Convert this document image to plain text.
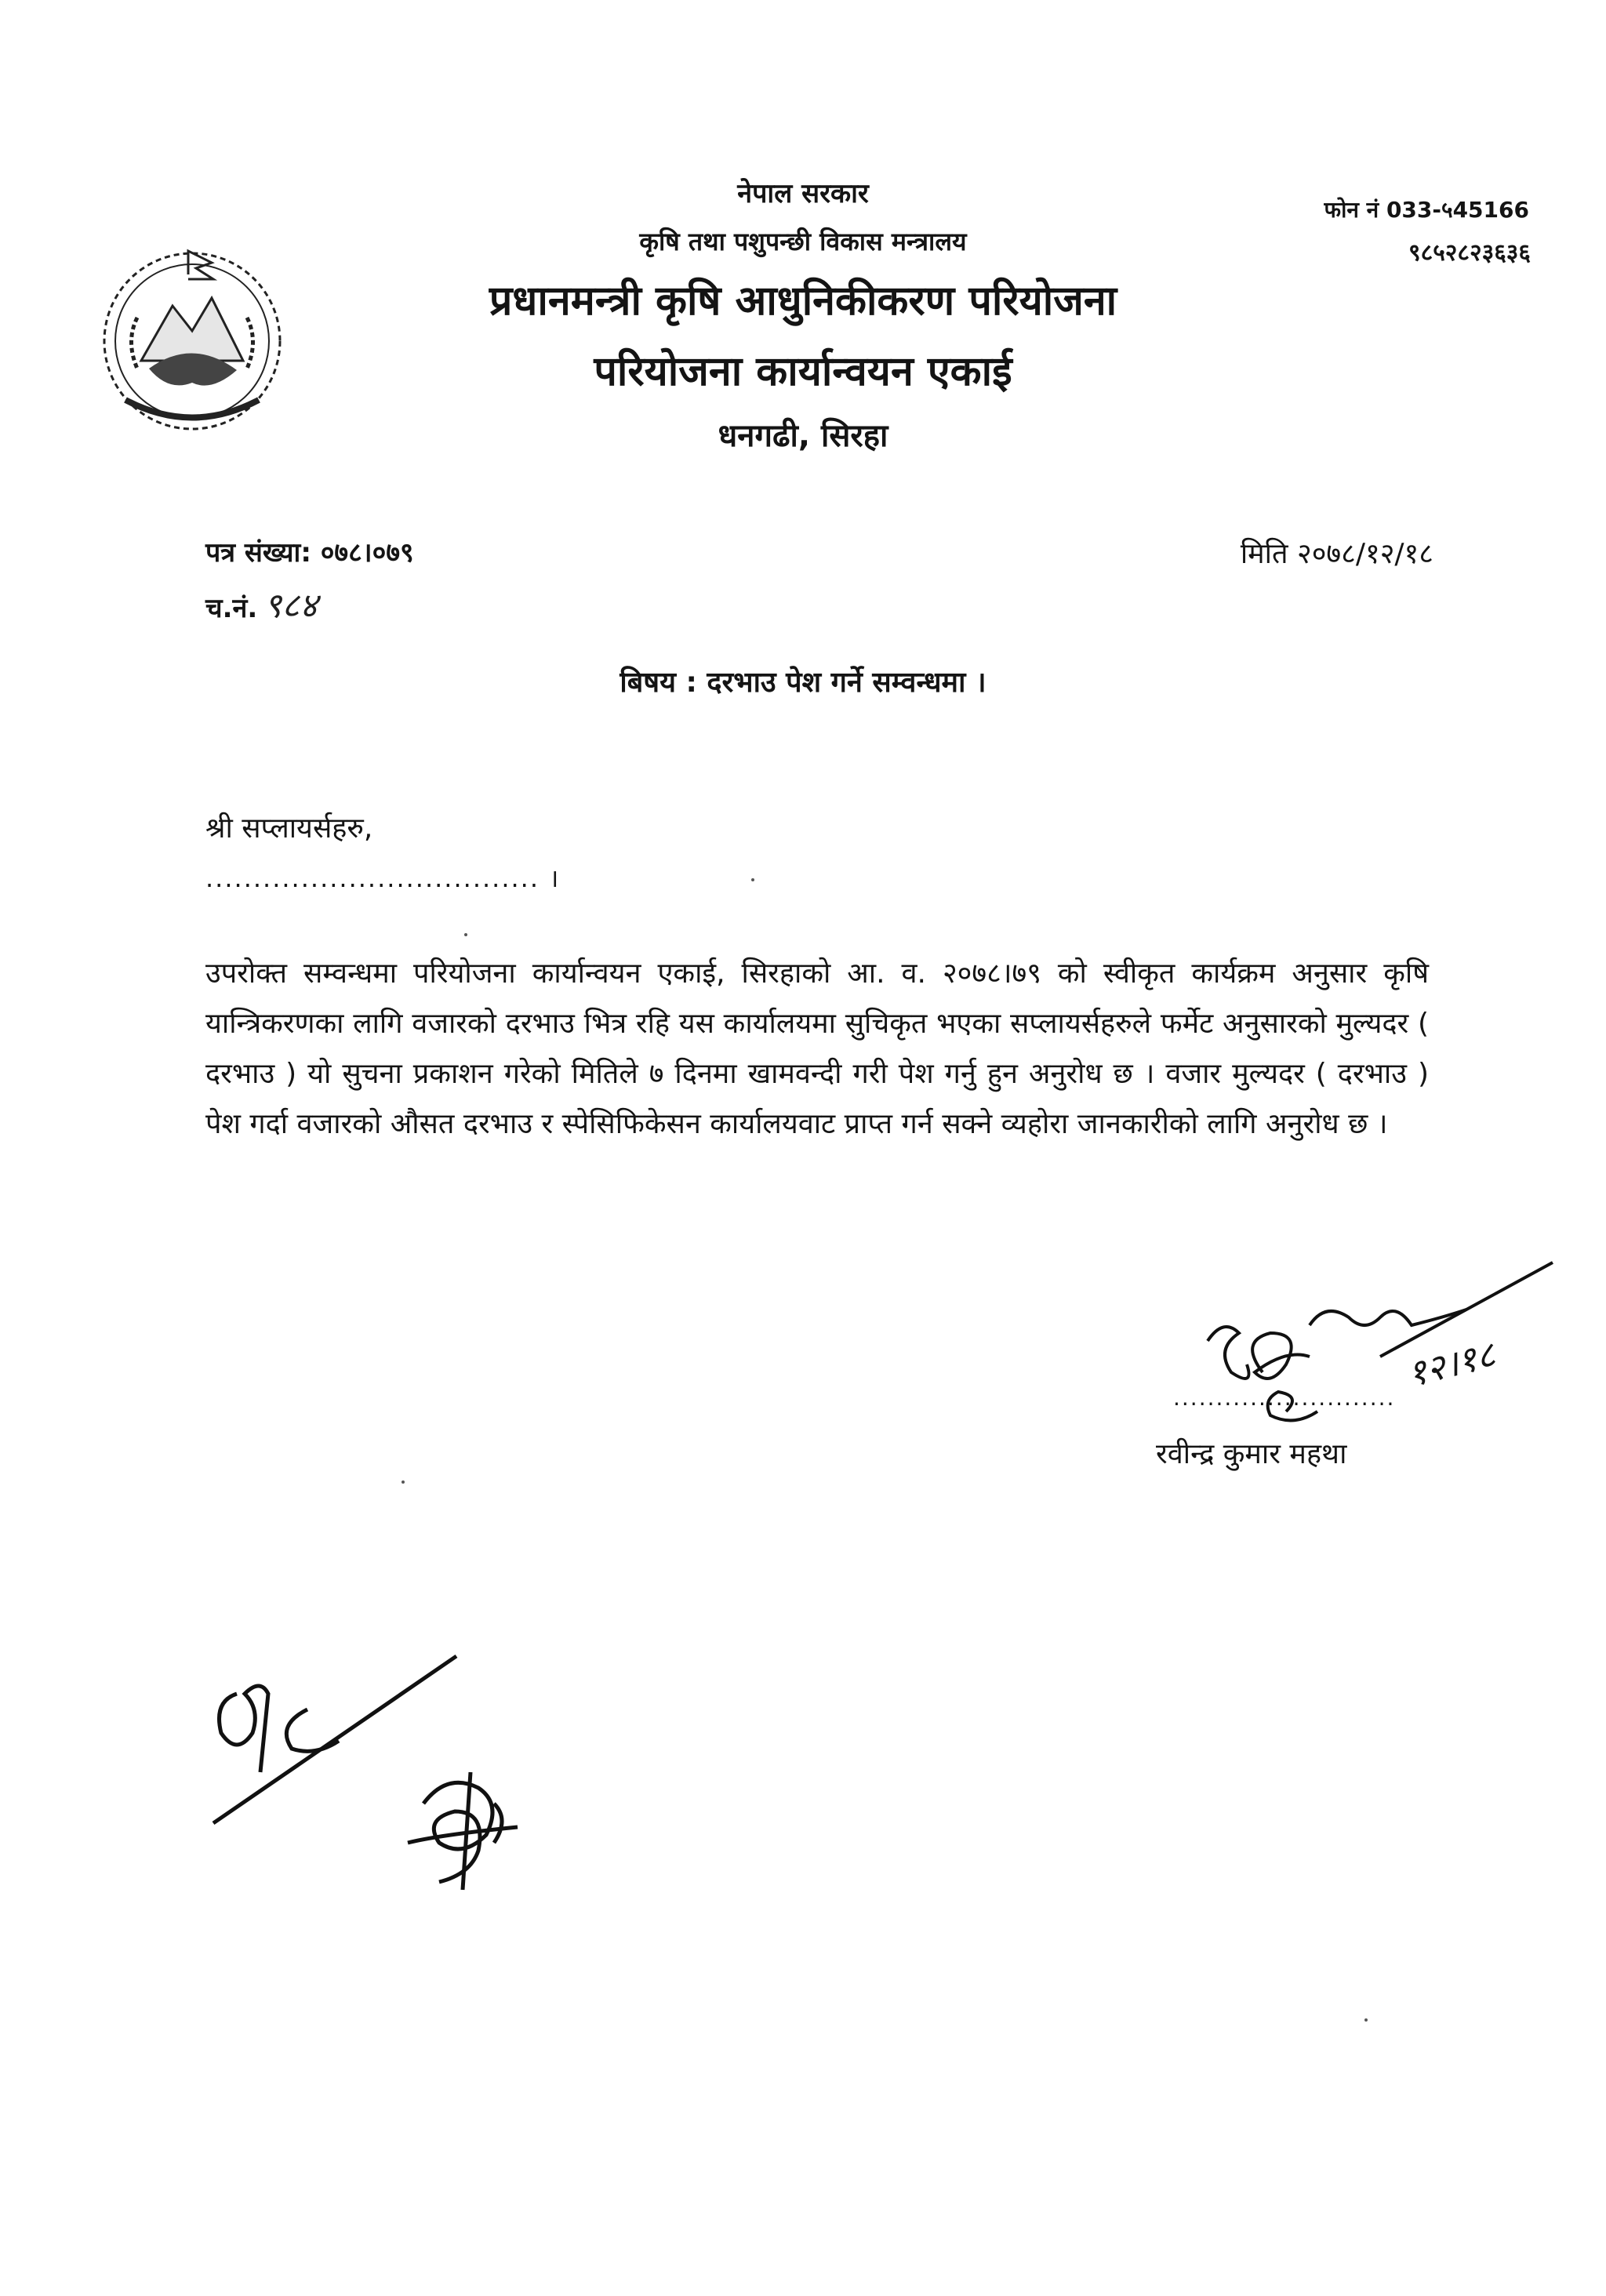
नेपाल सरकार
कृषि तथा पशुपन्छी विकास मन्त्रालय
प्रधानमन्त्री कृषि आधुनिकीकरण परियोजना
परियोजना कार्यान्वयन एकाई
धनगढी, सिरहा
फोन नं 033-५45166
९८५२८२३६३६
पत्र संख्या: ०७८।०७९
च.नं. ९८४
मिति २०७८/१२/१८
बिषय : दरभाउ पेश गर्ने सम्वन्धमा ।
श्री सप्लायर्सहरु,
................................... ।
उपरोक्त सम्वन्धमा परियोजना कार्यान्वयन एकाई, सिरहाको आ. व. २०७८।७९ को स्वीकृत कार्यक्रम अनुसार कृषि यान्त्रिकरणका लागि वजारको दरभाउ भित्र रहि यस कार्यालयमा सुचिकृत भएका सप्लायर्सहरुले फर्मेट अनुसारको मुल्यदर ( दरभाउ ) यो सुचना प्रकाशन गरेको मितिले ७ दिनमा खामवन्दी गरी पेश गर्नु हुन अनुरोध छ । वजार मुल्यदर ( दरभाउ ) पेश गर्दा वजारको औसत दरभाउ र स्पेसिफिकेसन कार्यालयवाट प्राप्त गर्न सक्ने व्यहोरा जानकारीको लागि अनुरोध छ ।
..........................
१२।१८
रवीन्द्र कुमार महथा
